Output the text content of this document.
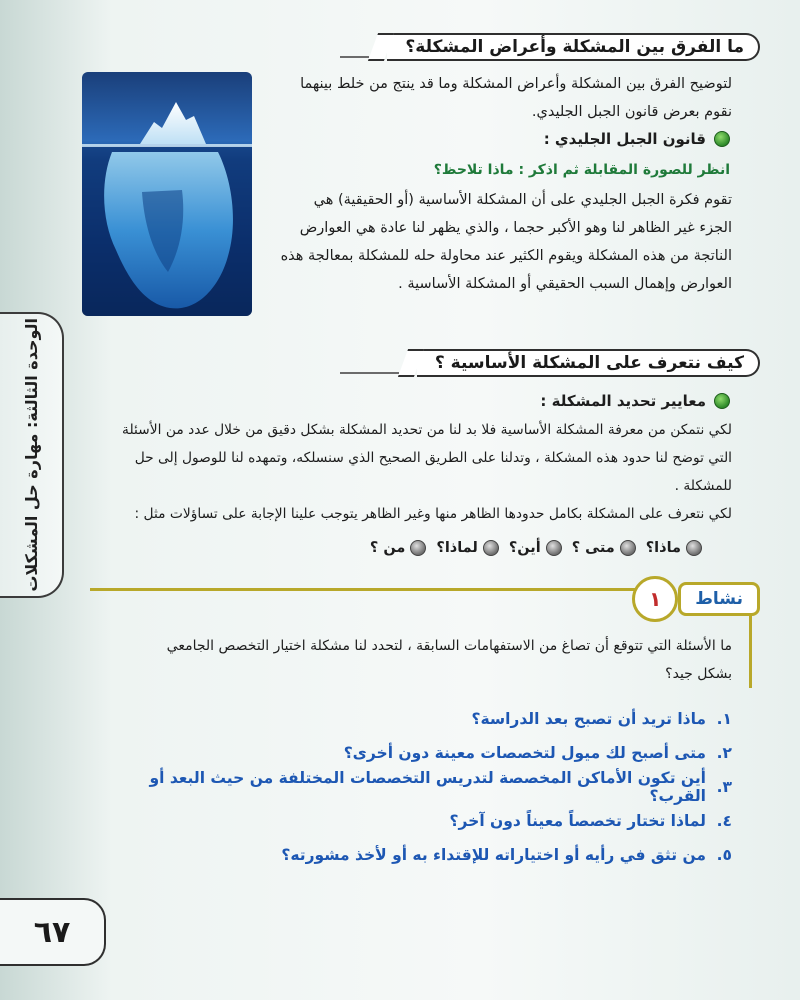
ما الفرق بين المشكلة وأعراض المشكلة؟
لتوضيح الفرق بين المشكلة وأعراض المشكلة وما قد ينتج من خلط بينهما
نقوم بعرض قانون الجبل الجليدي.
قانون الجبل الجليدي :
انظر للصورة المقابلة ثم اذكر : ماذا تلاحظ؟
تقوم فكرة الجبل الجليدي على أن المشكلة الأساسية (أو الحقيقية) هي
الجزء غير الظاهر لنا وهو الأكبر حجما ، والذي يظهر لنا عادة هي العوارض
الناتجة من هذه المشكلة ويقوم الكثير عند محاولة حله للمشكلة بمعالجة هذه
العوارض وإهمال السبب الحقيقي أو المشكلة الأساسية .
الوحدة الثالثة: مهارة حل المشكلات	كيف نتعرف على المشكلة الأساسية ؟
معايير تحديد المشكلة :
لكي نتمكن من معرفة المشكلة الأساسية فلا بد لنا من تحديد المشكلة بشكل دقيق من خلال عدد من الأسئلة
التي توضح لنا حدود هذه المشكلة ، وتدلنا على الطريق الصحيح الذي سنسلكه، وتمهده لنا للوصول إلى حل
للمشكلة .
لكي نتعرف على المشكلة بكامل حدودها الظاهر منها وغير الظاهر يتوجب علينا الإجابة على تساؤلات مثل :
ماذا؟
متى ؟
أين؟
لماذا؟
من ؟
نشاط
١
ما الأسئلة التي تتوقع أن تصاغ من الاستفهامات السابقة ، لتحدد لنا مشكلة اختيار التخصص الجامعي
بشكل جيد؟
١.
ماذا تريد أن تصبح بعد الدراسة؟
٢.
متى أصبح لك ميول لتخصصات معينة دون أخرى؟
٣.
أين تكون الأماكن المخصصة لتدريس التخصصات المختلفة من حيث البعد أو القرب؟
٤.
لماذا تختار تخصصاً معيناً دون آخر؟
٥.
من تثق في رأيه أو اختياراته للإقتداء به أو لأخذ مشورته؟
٦٧
